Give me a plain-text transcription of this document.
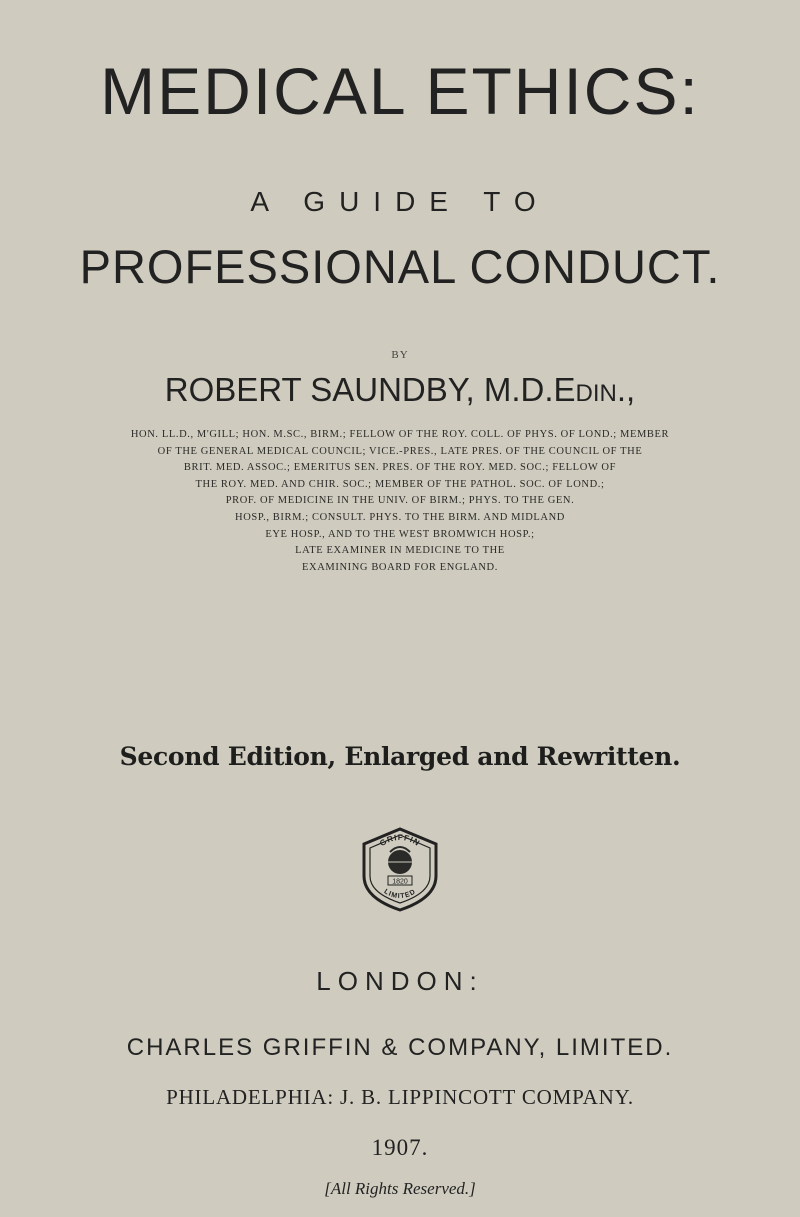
MEDICAL ETHICS:
A GUIDE TO
PROFESSIONAL CONDUCT.
BY
ROBERT SAUNDBY, M.D.EDIN.,
HON. LL.D., M'GILL; HON. M.SC., BIRM.; FELLOW OF THE ROY. COLL. OF PHYS. OF LOND.; MEMBER
OF THE GENERAL MEDICAL COUNCIL; VICE.-PRES., LATE PRES. OF THE COUNCIL OF THE
BRIT. MED. ASSOC.; EMERITUS SEN. PRES. OF THE ROY. MED. SOC.; FELLOW OF
THE ROY. MED. AND CHIR. SOC.; MEMBER OF THE PATHOL. SOC. OF LOND.;
PROF. OF MEDICINE IN THE UNIV. OF BIRM.; PHYS. TO THE GEN.
HOSP., BIRM.; CONSULT. PHYS. TO THE BIRM. AND MIDLAND
EYE HOSP., AND TO THE WEST BROMWICH HOSP.;
LATE EXAMINER IN MEDICINE TO THE
EXAMINING BOARD FOR ENGLAND.
Second Edition, Enlarged and Rewritten.
GRIFFIN
LIMITED
1820
LONDON:
CHARLES GRIFFIN & COMPANY, LIMITED.
PHILADELPHIA: J. B. LIPPINCOTT COMPANY.
1907.
[All Rights Reserved.]
